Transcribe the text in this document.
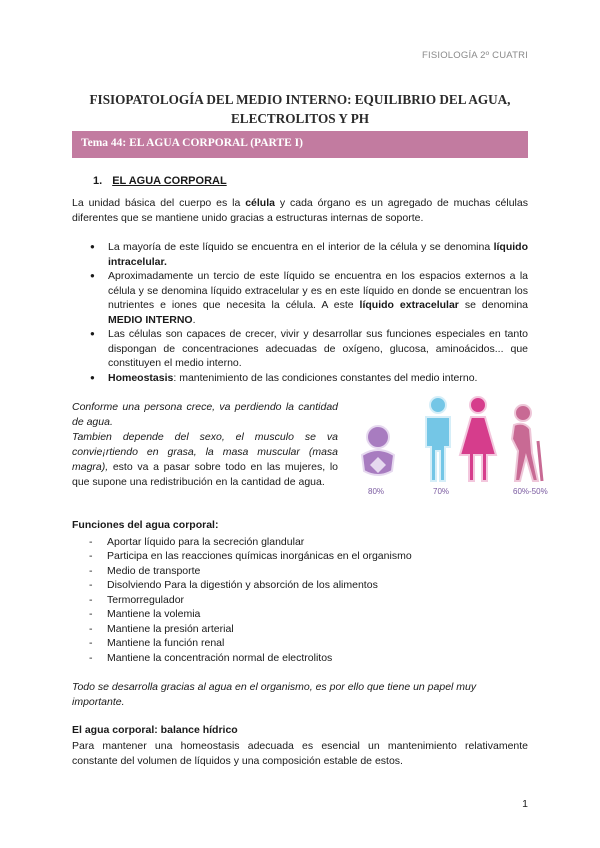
FISIOLOGÍA 2º CUATRI
FISIOPATOLOGÍA DEL MEDIO INTERNO: EQUILIBRIO DEL AGUA,
ELECTROLITOS Y PH
Tema 44: EL AGUA CORPORAL (PARTE I)
1. EL AGUA CORPORAL
La unidad básica del cuerpo es la célula y cada órgano es un agregado de muchas células diferentes que se mantiene unido gracias a estructuras internas de soporte.
● La mayoría de este líquido se encuentra en el interior de la célula y se denomina líquido intracelular.
● Aproximadamente un tercio de este líquido se encuentra en los espacios externos a la célula y se denomina líquido extracelular y es en este líquido en donde se encuentran los nutrientes e iones que necesita la célula. A este líquido extracelular se denomina MEDIO INTERNO.
● Las células son capaces de crecer, vivir y desarrollar sus funciones especiales en tanto dispongan de concentraciones adecuadas de oxígeno, glucosa, aminoácidos... que constituyen el medio interno.
● Homeostasis: mantenimiento de las condiciones constantes del medio interno.
Conforme una persona crece, va perdiendo la cantidad de agua.
Tambien depende del sexo, el musculo se va convie¡rtiendo en grasa, la masa muscular (masa magra), esto va a pasar sobre todo en las mujeres, lo que supone una redistribución en la cantidad de agua.
80%	70%	60%-50%
Funciones del agua corporal:
- Aportar líquido para la secreción glandular
- Participa en las reacciones químicas inorgánicas en el organismo
- Medio de transporte
- Disolviendo Para la digestión y absorción de los alimentos
- Termorregulador
- Mantiene la volemia
- Mantiene la presión arterial
- Mantiene la función renal
- Mantiene la concentración normal de electrolitos
Todo se desarrolla gracias al agua en el organismo, es por ello que tiene un papel muy importante.
El agua corporal: balance hídrico
Para mantener una homeostasis adecuada es esencial un mantenimiento relativamente constante del volumen de líquidos y una composición estable de estos.
1
